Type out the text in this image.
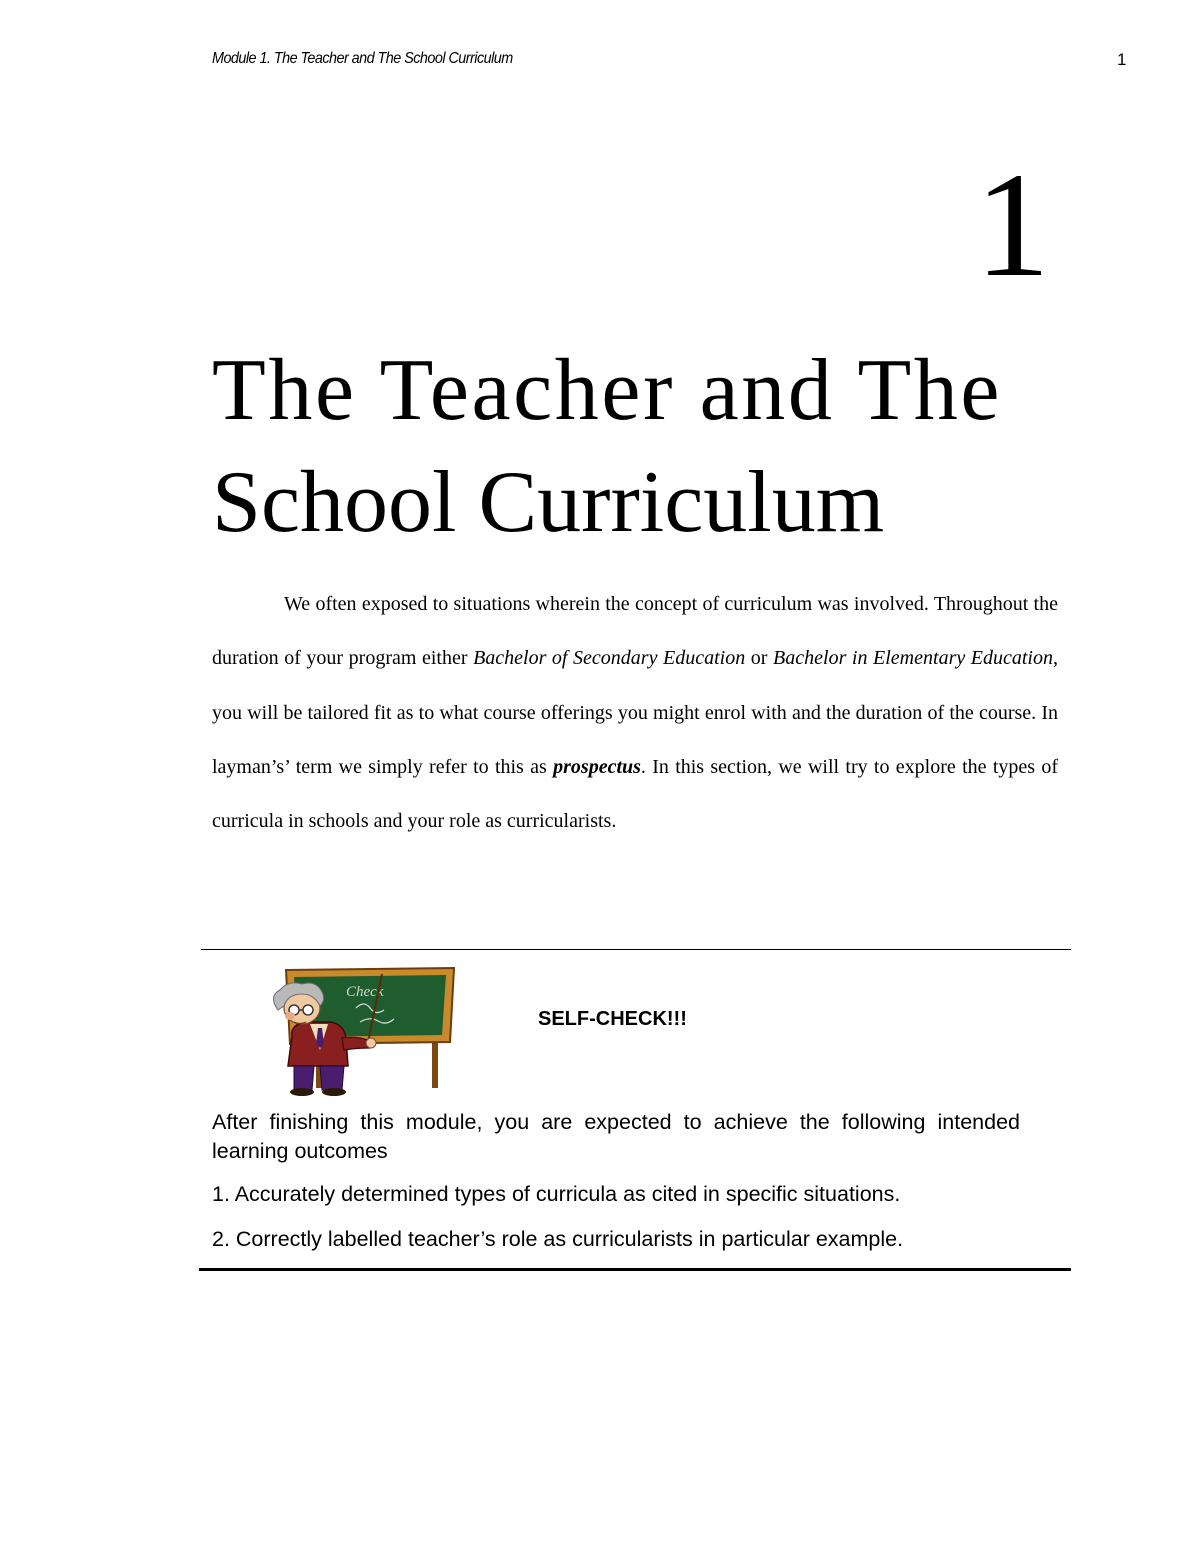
Module 1. The Teacher and The School Curriculum	1
1
The Teacher and The
School Curriculum

We often exposed to situations wherein the concept of curriculum was involved. Throughout the duration of your program either Bachelor of Secondary Education or Bachelor in Elementary Education, you will be tailored fit as to what course offerings you might enrol with and the duration of the course. In layman’s’ term we simply refer to this as prospectus. In this section, we will try to explore the types of curricula in schools and your role as curricularists.

Check
SELF-CHECK!!!

After finishing this module, you are expected to achieve the following intended learning outcomes

1. Accurately determined types of curricula as cited in specific situations.

2. Correctly labelled teacher’s role as curricularists in particular example.
